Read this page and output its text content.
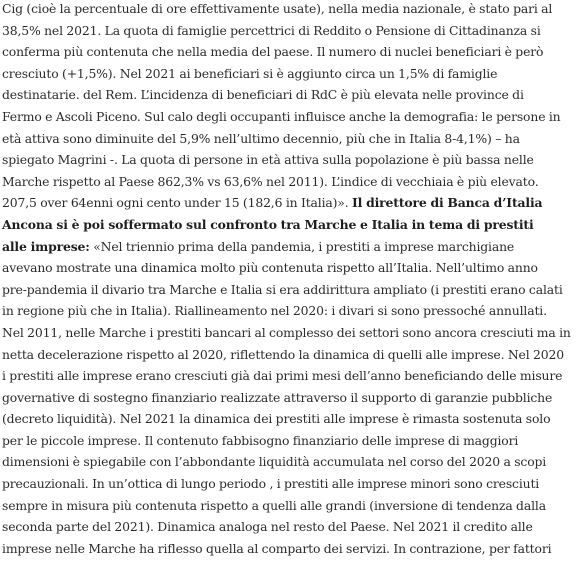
Cig (cioè la percentuale di ore effettivamente usate), nella media nazionale, è stato pari al
38,5% nel 2021. La quota di famiglie percettrici di Reddito o Pensione di Cittadinanza si
conferma più contenuta che nella media del paese. Il numero di nuclei beneficiari è però
cresciuto (+1,5%). Nel 2021 ai beneficiari si è aggiunto circa un 1,5% di famiglie
destinatarie. del Rem. L’incidenza di beneficiari di RdC è più elevata nelle province di
Fermo e Ascoli Piceno. Sul calo degli occupanti influisce anche la demografia: le persone in
età attiva sono diminuite del 5,9% nell’ultimo decennio, più che in Italia 8-4,1%) – ha
spiegato Magrini -. La quota di persone in età attiva sulla popolazione è più bassa nelle
Marche rispetto al Paese 862,3% vs 63,6% nel 2011). L’indice di vecchiaia è più elevato.
207,5 over 64enni ogni cento under 15 (182,6 in Italia)». Il direttore di Banca d’Italia
Ancona si è poi soffermato sul confronto tra Marche e Italia in tema di prestiti
alle imprese: «Nel triennio prima della pandemia, i prestiti a imprese marchigiane
avevano mostrate una dinamica molto più contenuta rispetto all’Italia. Nell’ultimo anno
pre-pandemia il divario tra Marche e Italia si era addirittura ampliato (i prestiti erano calati
in regione più che in Italia). Riallineamento nel 2020: i divari si sono pressoché annullati.
Nel 2011, nelle Marche i prestiti bancari al complesso dei settori sono ancora cresciuti ma in
netta decelerazione rispetto al 2020, riflettendo la dinamica di quelli alle imprese. Nel 2020
i prestiti alle imprese erano cresciuti già dai primi mesi dell’anno beneficiando delle misure
governative di sostegno finanziario realizzate attraverso il supporto di garanzie pubbliche
(decreto liquidità). Nel 2021 la dinamica dei prestiti alle imprese è rimasta sostenuta solo
per le piccole imprese. Il contenuto fabbisogno finanziario delle imprese di maggiori
dimensioni è spiegabile con l’abbondante liquidità accumulata nel corso del 2020 a scopi
precauzionali. In un’ottica di lungo periodo , i prestiti alle imprese minori sono cresciuti
sempre in misura più contenuta rispetto a quelli alle grandi (inversione di tendenza dalla
seconda parte del 2021). Dinamica analoga nel resto del Paese. Nel 2021 il credito alle
imprese nelle Marche ha riflesso quella al comparto dei servizi. In contrazione, per fattori
